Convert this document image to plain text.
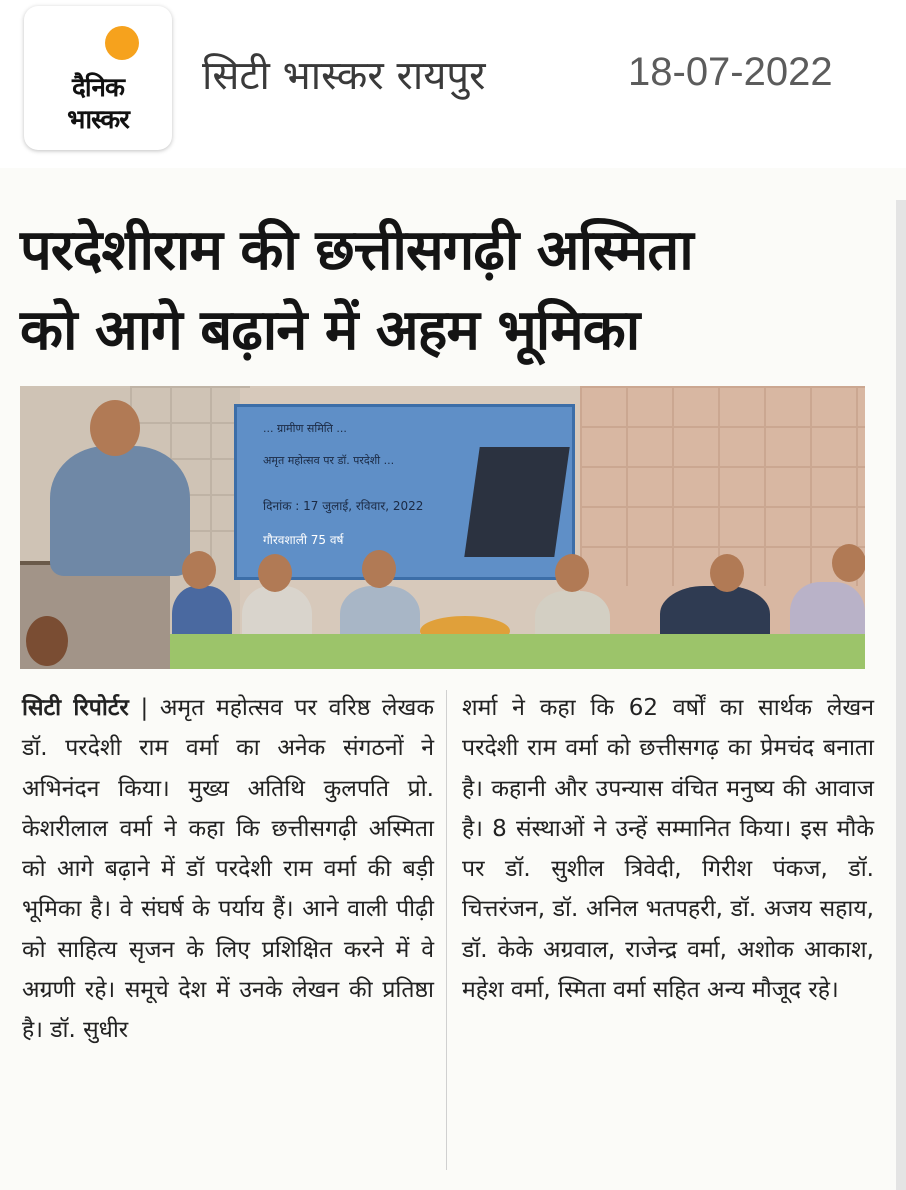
दैनिक
भास्कर
सिटी भास्कर रायपुर	18-07-2022
परदेशीराम की छत्तीसगढ़ी अस्मिता
को आगे बढ़ाने में अहम भूमिका
... ग्रामीण समिति ...
अमृत महोत्सव पर डॉ. परदेशी ...
दिनांक : 17 जुलाई, रविवार, 2022
गौरवशाली 75 वर्ष

सिटी रिपोर्टर | अमृत महोत्सव पर वरिष्ठ लेखक डॉ. परदेशी राम वर्मा का अनेक संगठनों ने अभिनंदन किया। मुख्य अतिथि कुलपति प्रो. केशरीलाल वर्मा ने कहा कि छत्तीसगढ़ी अस्मिता को आगे बढ़ाने में डॉ परदेशी राम वर्मा की बड़ी भूमिका है। वे संघर्ष के पर्याय हैं। आने वाली पीढ़ी को साहित्य सृजन के लिए प्रशिक्षित करने में वे अग्रणी रहे। समूचे देश में उनके लेखन की प्रतिष्ठा है। डॉ. सुधीर

शर्मा ने कहा कि 62 वर्षों का सार्थक लेखन परदेशी राम वर्मा को छत्तीसगढ़ का प्रेमचंद बनाता है। कहानी और उपन्यास वंचित मनुष्य की आवाज है। 8 संस्थाओं ने उन्हें सम्मानित किया। इस मौके पर डॉ. सुशील त्रिवेदी, गिरीश पंकज, डॉ. चित्तरंजन, डॉ. अनिल भतपहरी, डॉ. अजय सहाय, डॉ. केके अग्रवाल, राजेन्द्र वर्मा, अशोक आकाश, महेश वर्मा, स्मिता वर्मा सहित अन्य मौजूद रहे।
